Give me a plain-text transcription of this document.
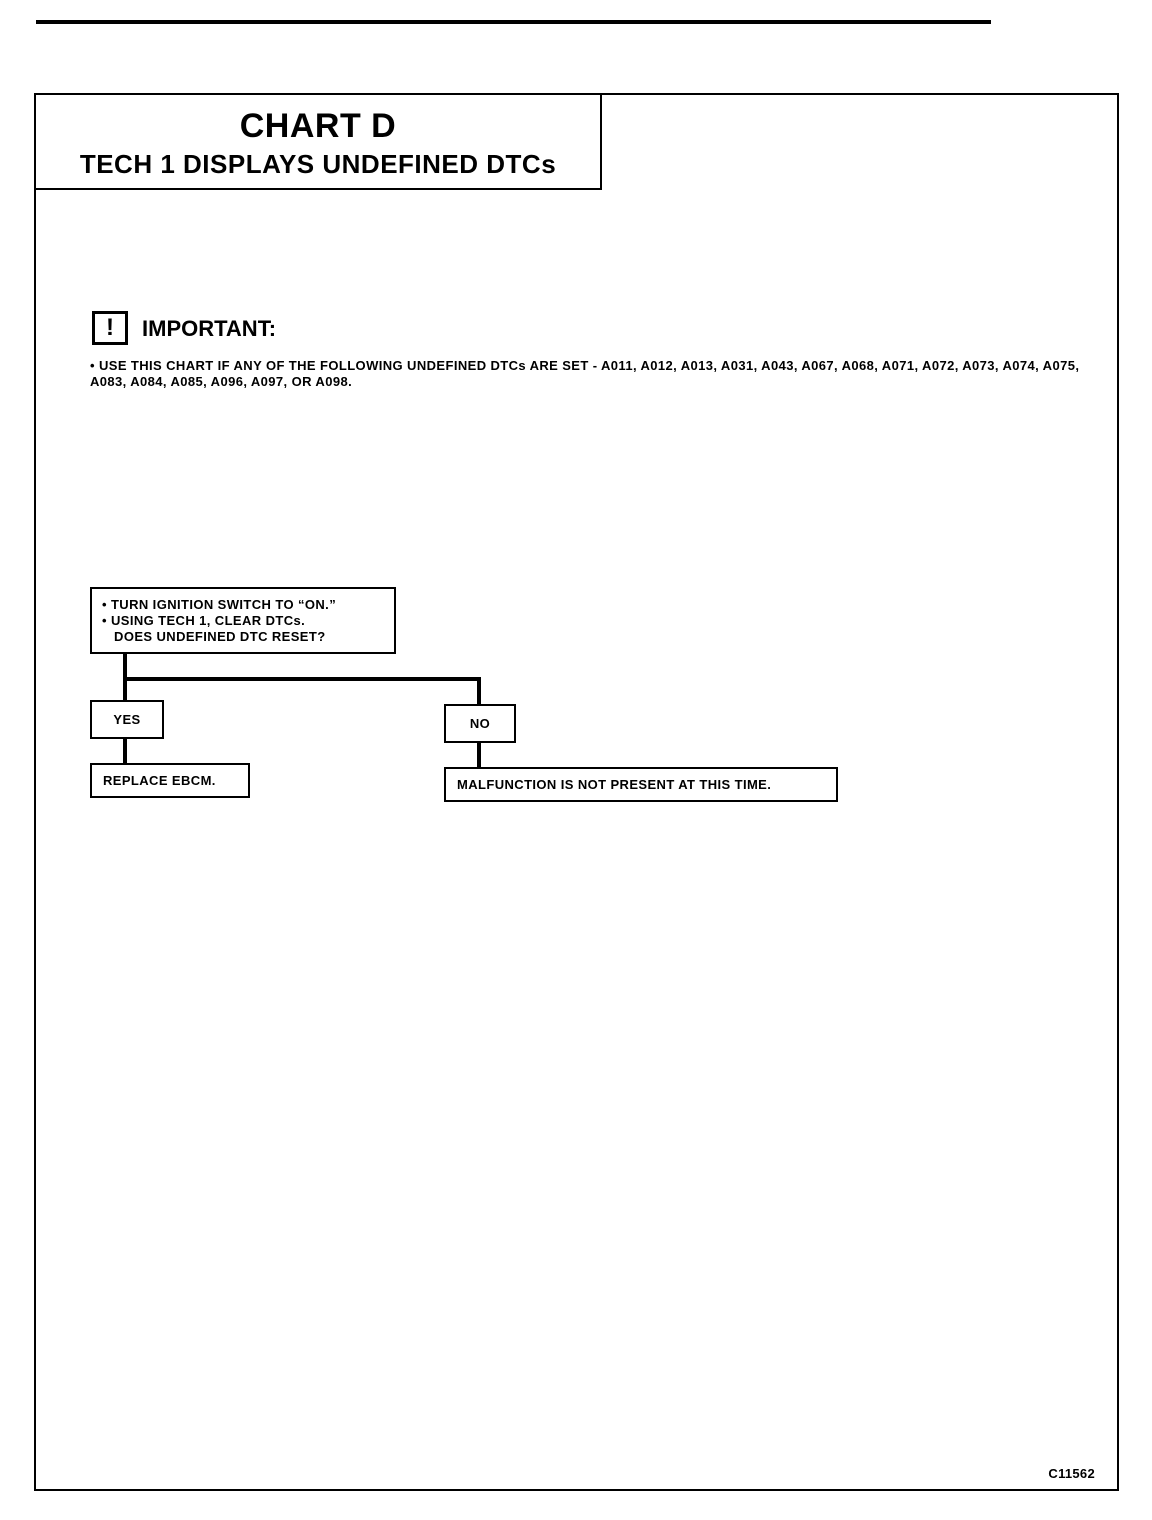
CHART D
TECH 1 DISPLAYS UNDEFINED DTCs
!	IMPORTANT:
• USE THIS CHART IF ANY OF THE FOLLOWING UNDEFINED DTCs ARE SET - A011, A012, A013, A031, A043, A067, A068, A071, A072, A073, A074, A075, A083, A084, A085, A096, A097, OR A098.
• TURN IGNITION SWITCH TO “ON.”
• USING TECH 1, CLEAR DTCs.
DOES UNDEFINED DTC RESET?
YES	NO
REPLACE EBCM.	MALFUNCTION IS NOT PRESENT AT THIS TIME.
C11562
